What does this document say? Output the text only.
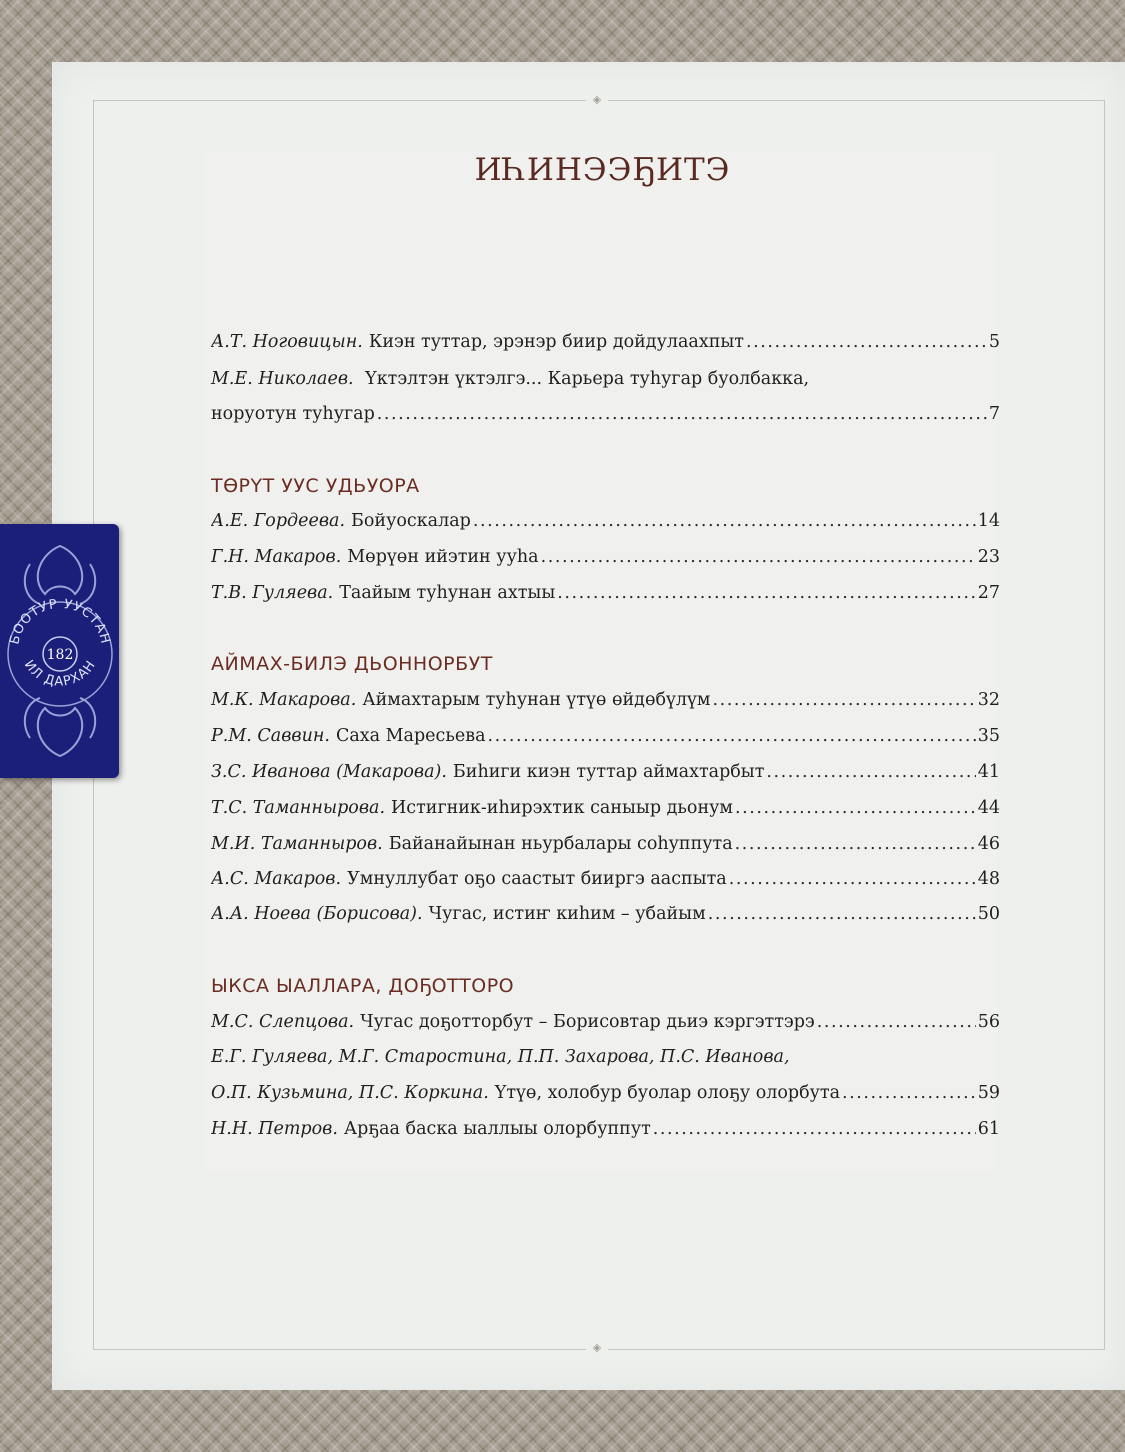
◈
◈
ИҺИНЭЭҔИТЭ
А.Т. Ноговицын. Киэн туттар, эрэнэр биир дойдулаахпыт . . .	5
М.Е. Николаев. Үктэлтэн үктэлгэ... Карьера туһугар буолбакка,
норуотун туһугар . . .	7
ТӨРҮТ УУС УДЬУОРА
А.Е. Гордеева. Бойуоскалар . . .	14
Г.Н. Макаров. Мөрүөн ийэтин ууһа . . .	23
Т.В. Гуляева. Таайым туһунан ахтыы . . .	27
АЙМАХ-БИЛЭ ДЬОННОРБУТ
М.К. Макарова. Аймахтарым туһунан үтүө өйдөбүлүм . . .	32
Р.М. Саввин. Саха Маресьева . . .	35
З.С. Иванова (Макарова). Биһиги киэн туттар аймахтарбыт . . .	41
Т.С. Таманнырова. Истигник-иһирэхтик саныыр дьонум . . .	44
М.И. Таманныров. Байанайынан ньурбалары соһуппута . . .	46
А.С. Макаров. Умнуллубат оҕо саастыт бииргэ ааспыта . . .	48
А.А. Ноева (Борисова). Чугас, истиҥ киһим – убайым . . .	50
ЫКСА ЫАЛЛАРА, ДОҔОТТОРО
М.С. Слепцова. Чугас доҕотторбут – Борисовтар дьиэ кэргэттэрэ . . .	56
Е.Г. Гуляева, М.Г. Старостина, П.П. Захарова, П.С. Иванова,
О.П. Кузьмина, П.С. Коркина. Үтүө, холобур буолар олоҕу олорбута . . .	59
Н.Н. Петров. Арҕаа баска ыаллыы олорбуппут . . .	61
БООТУР УУСТАН
ИЛ ДАРХАН
182
